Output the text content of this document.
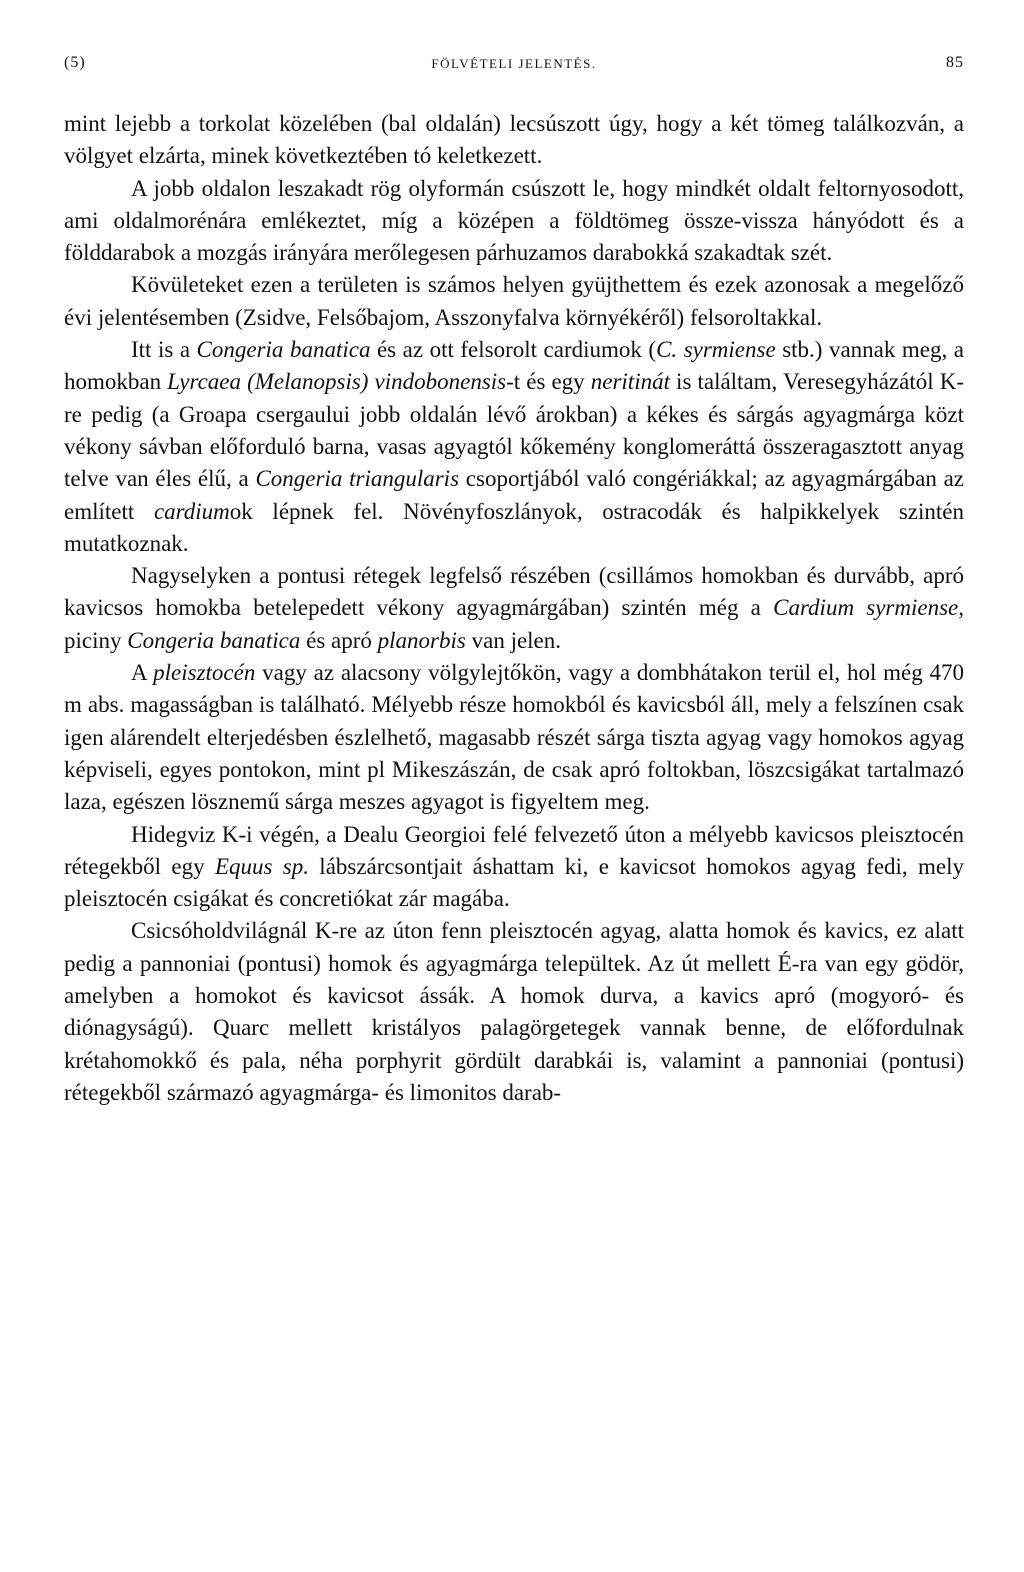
(5)	FÖLVÉTELI JELENTÉS.	85

mint lejebb a torkolat közelében (bal oldalán) lecsúszott úgy, hogy a két tömeg találkozván, a völgyet elzárta, minek következtében tó keletkezett.

A jobb oldalon leszakadt rög olyformán csúszott le, hogy mindkét oldalt feltornyosodott, ami oldalmorénára emlékeztet, míg a középen a földtömeg össze-vissza hányódott és a földdarabok a mozgás irányára merőlegesen párhuzamos darabokká szakadtak szét.

Kövületeket ezen a területen is számos helyen gyüjthettem és ezek azonosak a megelőző évi jelentésemben (Zsidve, Felsőbajom, Asszonyfalva környékéről) felsoroltakkal.

Itt is a Congeria banatica és az ott felsorolt cardiumok (C. syrmiense stb.) vannak meg, a homokban Lyrcaea (Melanopsis) vindobonensis-t és egy neritinát is találtam, Veresegyházától K-re pedig (a Groapa csergaului jobb oldalán lévő árokban) a kékes és sárgás agyagmárga közt vékony sávban előforduló barna, vasas agyagtól kőkemény konglomeráttá összeragasztott anyag telve van éles élű, a Congeria triangularis csoportjából való congériákkal; az agyagmárgában az említett cardiumok lépnek fel. Növényfoszlányok, ostracodák és halpikkelyek szintén mutatkoznak.

Nagyselyken a pontusi rétegek legfelső részében (csillámos homokban és durvább, apró kavicsos homokba betelepedett vékony agyagmárgában) szintén még a Cardium syrmiense, piciny Congeria banatica és apró planorbis van jelen.

A pleisztocén vagy az alacsony völgylejtőkön, vagy a dombhátakon terül el, hol még 470 m abs. magasságban is található. Mélyebb része homokból és kavicsból áll, mely a felszínen csak igen alárendelt elterjedésben észlelhető, magasabb részét sárga tiszta agyag vagy homokos agyag képviseli, egyes pontokon, mint pl Mikeszászán, de csak apró foltokban, löszcsigákat tartalmazó laza, egészen lösznemű sárga meszes agyagot is figyeltem meg.

Hidegviz K-i végén, a Dealu Georgioi felé felvezető úton a mélyebb kavicsos pleisztocén rétegekből egy Equus sp. lábszárcsontjait áshattam ki, e kavicsot homokos agyag fedi, mely pleisztocén csigákat és concretiókat zár magába.

Csicsóholdvilágnál K-re az úton fenn pleisztocén agyag, alatta homok és kavics, ez alatt pedig a pannoniai (pontusi) homok és agyagmárga települtek. Az út mellett É-ra van egy gödör, amelyben a homokot és kavicsot ássák. A homok durva, a kavics apró (mogyoró- és diónagyságú). Quarc mellett kristályos palagörgetegek vannak benne, de előfordulnak krétahomokkő és pala, néha porphyrit gördült darabkái is, valamint a pannoniai (pontusi) rétegekből származó agyagmárga- és limonitos darab-
